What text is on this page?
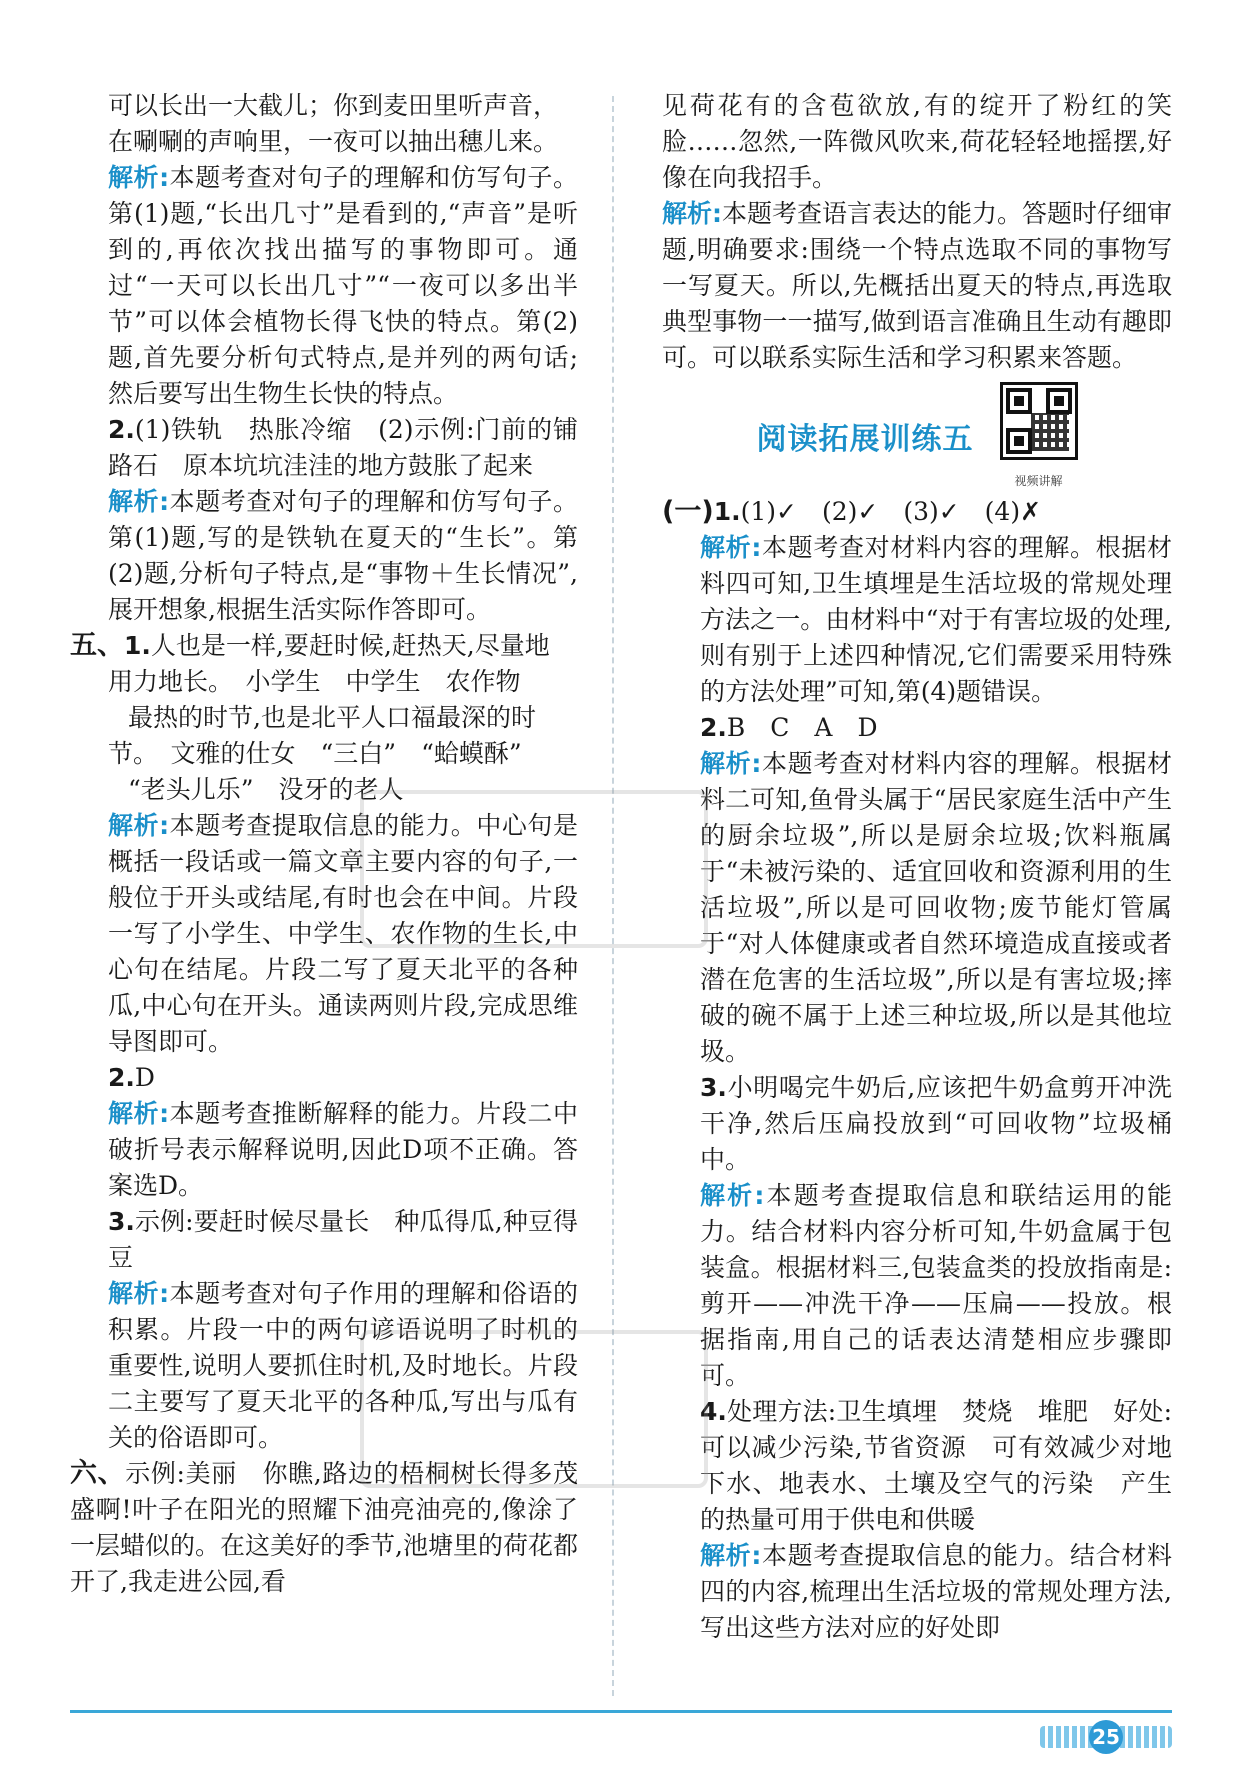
可以长出一大截儿；你到麦田里听声音，

在唰唰的声响里，一夜可以抽出穗儿来。

解析:本题考查对句子的理解和仿写句子。第(1)题,“长出几寸”是看到的,“声音”是听到的,再依次找出描写的事物即可。通过“一天可以长出几寸”“一夜可以多出半节”可以体会植物长得飞快的特点。第(2)题,首先要分析句式特点,是并列的两句话;然后要写出生物生长快的特点。

2.(1)铁轨　热胀冷缩　(2)示例:门前的铺路石　原本坑坑洼洼的地方鼓胀了起来

解析:本题考查对句子的理解和仿写句子。第(1)题,写的是铁轨在夏天的“生长”。第(2)题,分析句子特点,是“事物＋生长情况”,展开想象,根据生活实际作答即可。

五、1.人也是一样,要赶时候,赶热天,尽量地

用力地长。　小学生　中学生　农作物

最热的时节,也是北平人口福最深的时

节。　文雅的仕女　“三白”　“蛤蟆酥”

“老头儿乐”　没牙的老人

解析:本题考查提取信息的能力。中心句是概括一段话或一篇文章主要内容的句子,一般位于开头或结尾,有时也会在中间。片段一写了小学生、中学生、农作物的生长,中心句在结尾。片段二写了夏天北平的各种瓜,中心句在开头。通读两则片段,完成思维导图即可。

2.D

解析:本题考查推断解释的能力。片段二中破折号表示解释说明,因此D项不正确。答案选D。

3.示例:要赶时候尽量长　种瓜得瓜,种豆得豆

解析:本题考查对句子作用的理解和俗语的积累。片段一中的两句谚语说明了时机的重要性,说明人要抓住时机,及时地长。片段二主要写了夏天北平的各种瓜,写出与瓜有关的俗语即可。

六、示例:美丽　你瞧,路边的梧桐树长得多茂盛啊!叶子在阳光的照耀下油亮油亮的,像涂了一层蜡似的。在这美好的季节,池塘里的荷花都开了,我走进公园,看

见荷花有的含苞欲放,有的绽开了粉红的笑脸……忽然,一阵微风吹来,荷花轻轻地摇摆,好像在向我招手。

解析:本题考查语言表达的能力。答题时仔细审题,明确要求:围绕一个特点选取不同的事物写一写夏天。所以,先概括出夏天的特点,再选取典型事物一一描写,做到语言准确且生动有趣即可。可以联系实际生活和学习积累来答题。

阅读拓展训练五
视频讲解

(一)1.(1)✓　(2)✓　(3)✓　(4)✗

解析:本题考查对材料内容的理解。根据材料四可知,卫生填埋是生活垃圾的常规处理方法之一。由材料中“对于有害垃圾的处理,则有别于上述四种情况,它们需要采用特殊的方法处理”可知,第(4)题错误。

2.B　C　A　D

解析:本题考查对材料内容的理解。根据材料二可知,鱼骨头属于“居民家庭生活中产生的厨余垃圾”,所以是厨余垃圾;饮料瓶属于“未被污染的、适宜回收和资源利用的生活垃圾”,所以是可回收物;废节能灯管属于“对人体健康或者自然环境造成直接或者潜在危害的生活垃圾”,所以是有害垃圾;摔破的碗不属于上述三种垃圾,所以是其他垃圾。

3.小明喝完牛奶后,应该把牛奶盒剪开冲洗干净,然后压扁投放到“可回收物”垃圾桶中。

解析:本题考查提取信息和联结运用的能力。结合材料内容分析可知,牛奶盒属于包装盒。根据材料三,包装盒类的投放指南是:剪开——冲洗干净——压扁——投放。根据指南,用自己的话表达清楚相应步骤即可。

4.处理方法:卫生填埋　焚烧　堆肥　好处:可以减少污染,节省资源　可有效减少对地下水、地表水、土壤及空气的污染　产生的热量可用于供电和供暖

解析:本题考查提取信息的能力。结合材料四的内容,梳理出生活垃圾的常规处理方法,写出这些方法对应的好处即

25
